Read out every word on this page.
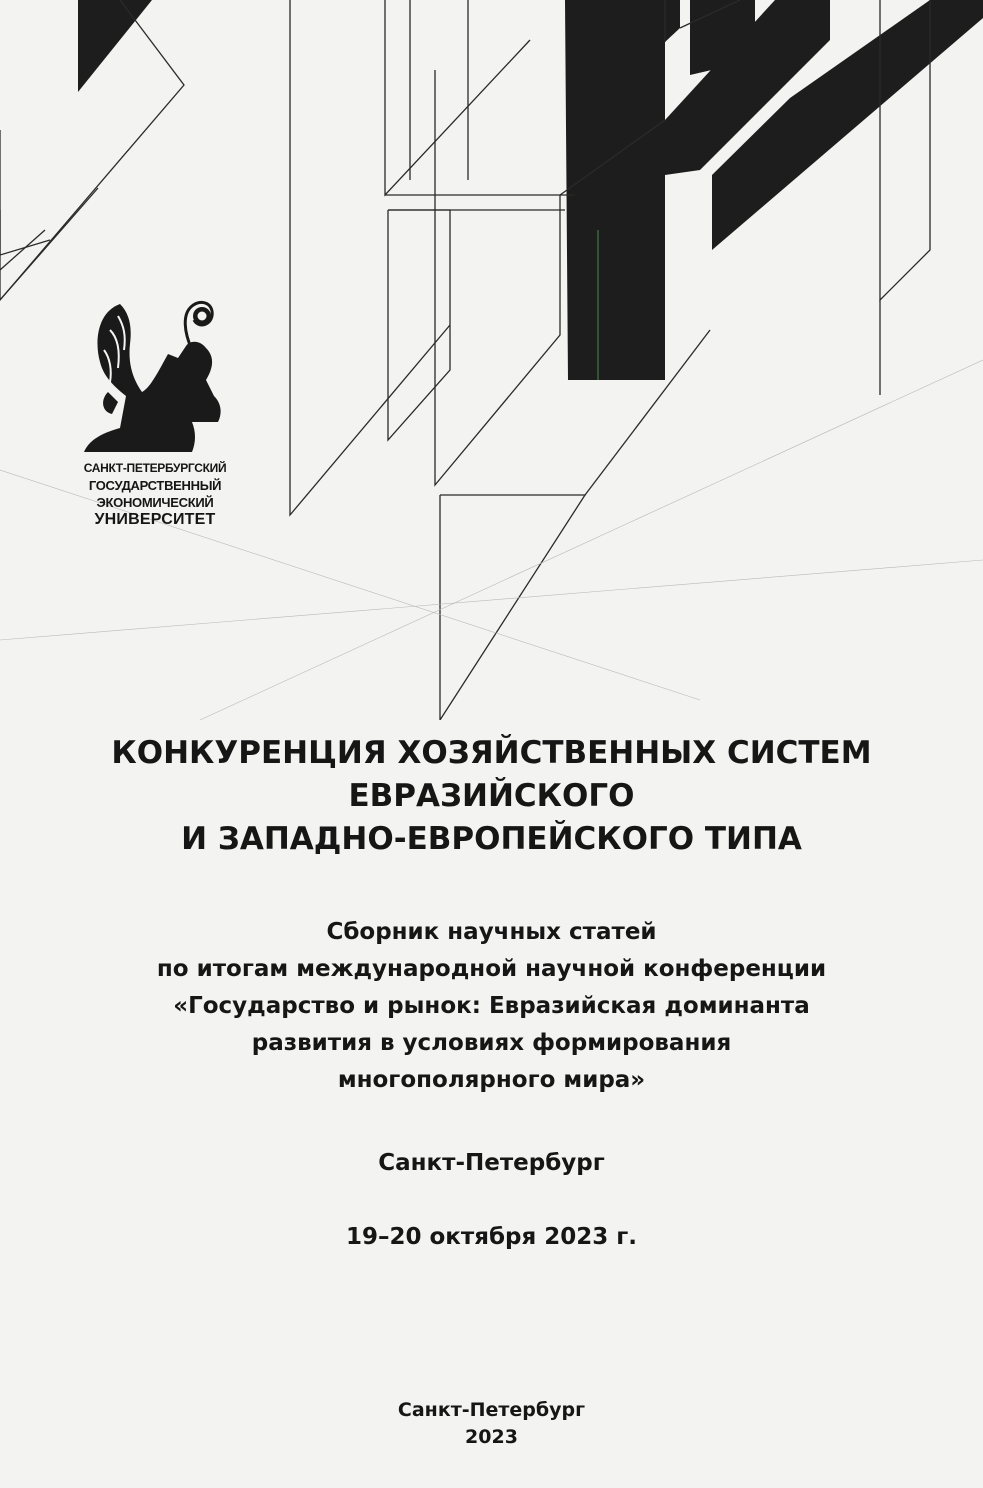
САНКТ-ПЕТЕРБУРГСКИЙ
ГОСУДАРСТВЕННЫЙ
ЭКОНОМИЧЕСКИЙ
УНИВЕРСИТЕТ
КОНКУРЕНЦИЯ ХОЗЯЙСТВЕННЫХ СИСТЕМ
ЕВРАЗИЙСКОГО
И ЗАПАДНО-ЕВРОПЕЙСКОГО ТИПА
Сборник научных статей
по итогам международной научной конференции
«Государство и рынок: Евразийская доминанта
развития в условиях формирования
многополярного мира»
Санкт-Петербург
19–20 октября 2023 г.
Санкт-Петербург
2023
